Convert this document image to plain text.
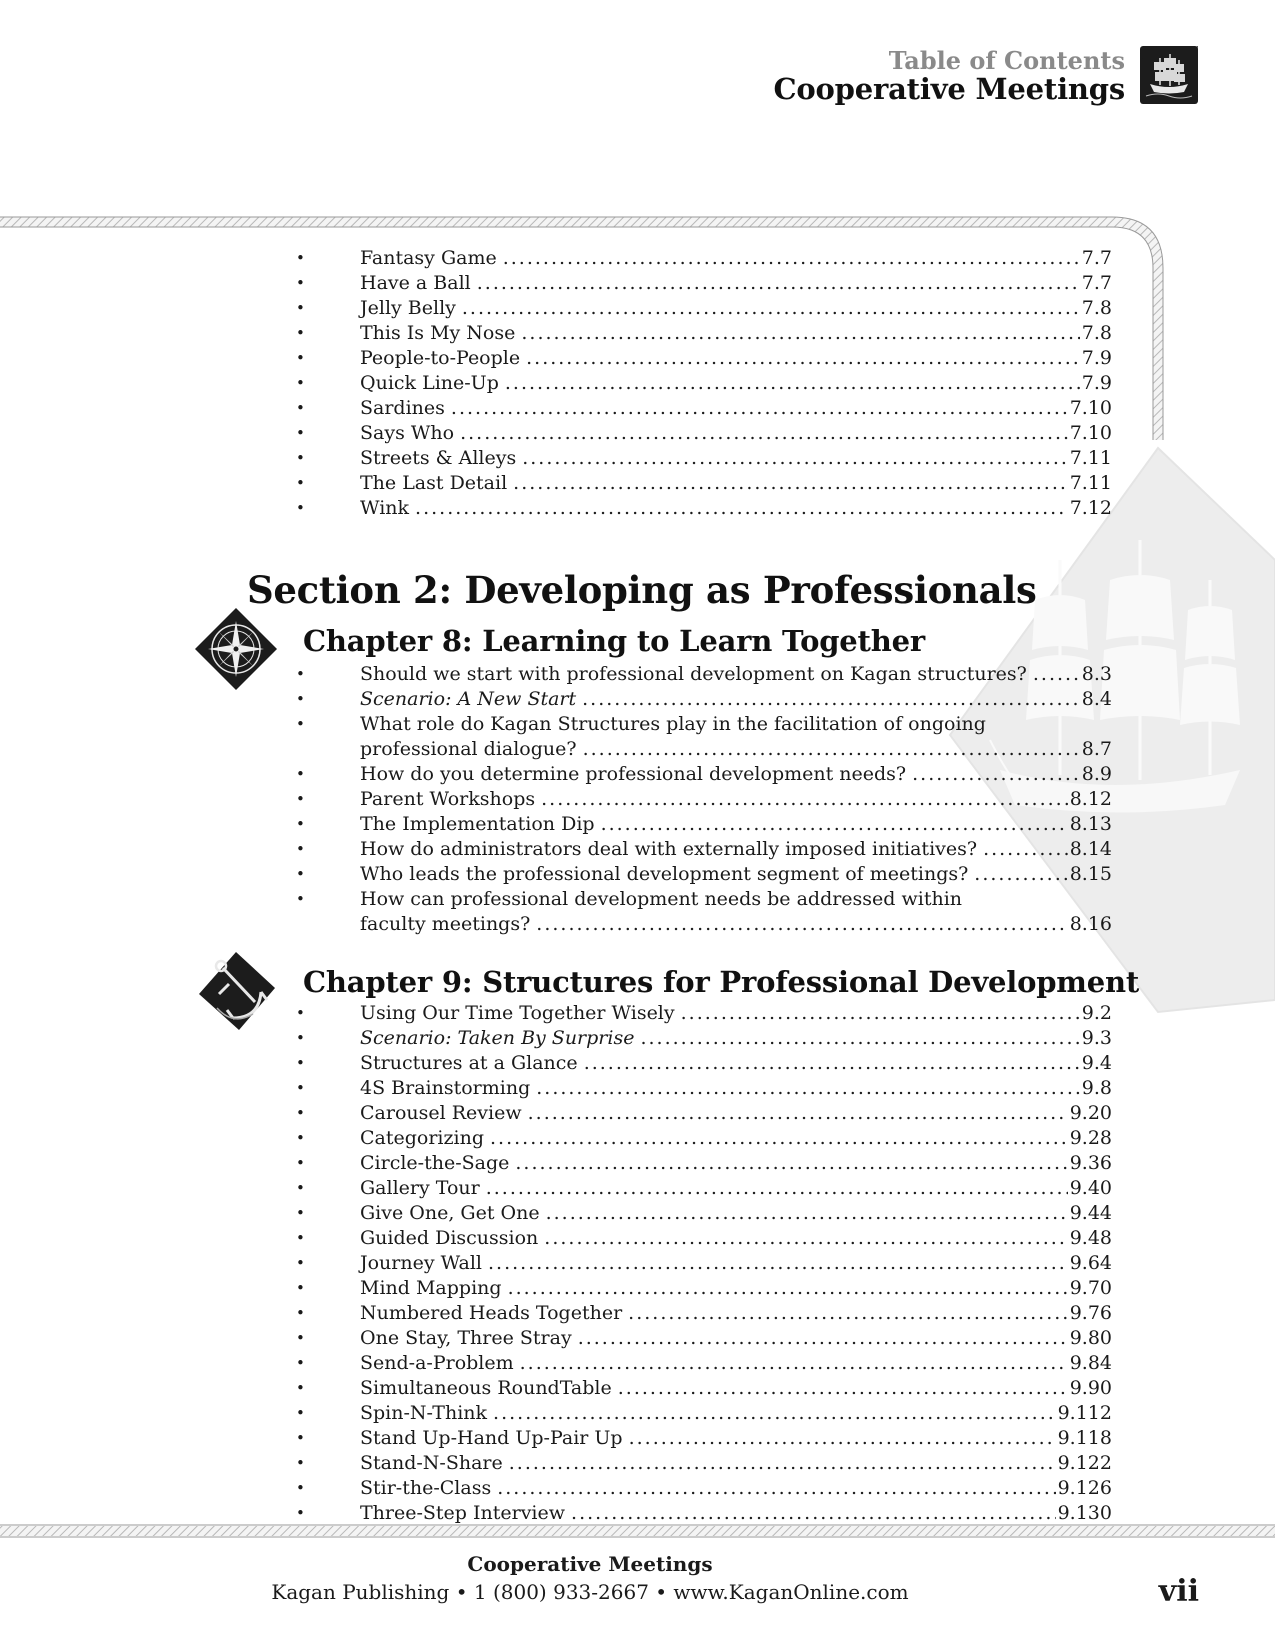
Table of Contents
Cooperative Meetings
•	Fantasy Game .....	7.7
•	Have a Ball .....	7.7
•	Jelly Belly .....	7.8
•	This Is My Nose .....	7.8
•	People-to-People .....	7.9
•	Quick Line-Up .....	7.9
•	Sardines .....	7.10
•	Says Who .....	7.10
•	Streets & Alleys .....	7.11
•	The Last Detail .....	7.11
•	Wink .....	7.12
Section 2: Developing as Professionals
Chapter 8: Learning to Learn Together
•	Should we start with professional development on Kagan structures? .....	8.3
•	Scenario: A New Start .....	8.4
•	What role do Kagan Structures play in the facilitation of ongoing
professional dialogue? .....	8.7
•	How do you determine professional development needs? .....	8.9
•	Parent Workshops .....	8.12
•	The Implementation Dip .....	8.13
•	How do administrators deal with externally imposed initiatives? .....	8.14
•	Who leads the professional development segment of meetings? .....	8.15
•	How can professional development needs be addressed within
faculty meetings? .....	8.16
Chapter 9: Structures for Professional Development
•	Using Our Time Together Wisely .....	9.2
•	Scenario: Taken By Surprise .....	9.3
•	Structures at a Glance .....	9.4
•	4S Brainstorming .....	9.8
•	Carousel Review .....	9.20
•	Categorizing .....	9.28
•	Circle-the-Sage .....	9.36
•	Gallery Tour .....	9.40
•	Give One, Get One .....	9.44
•	Guided Discussion .....	9.48
•	Journey Wall .....	9.64
•	Mind Mapping .....	9.70
•	Numbered Heads Together .....	9.76
•	One Stay, Three Stray .....	9.80
•	Send-a-Problem .....	9.84
•	Simultaneous RoundTable .....	9.90
•	Spin-N-Think .....	9.112
•	Stand Up-Hand Up-Pair Up .....	9.118
•	Stand-N-Share .....	9.122
•	Stir-the-Class .....	9.126
•	Three-Step Interview .....	9.130
Cooperative Meetings
Kagan Publishing • 1 (800) 933-2667 • www.KaganOnline.com	vii
